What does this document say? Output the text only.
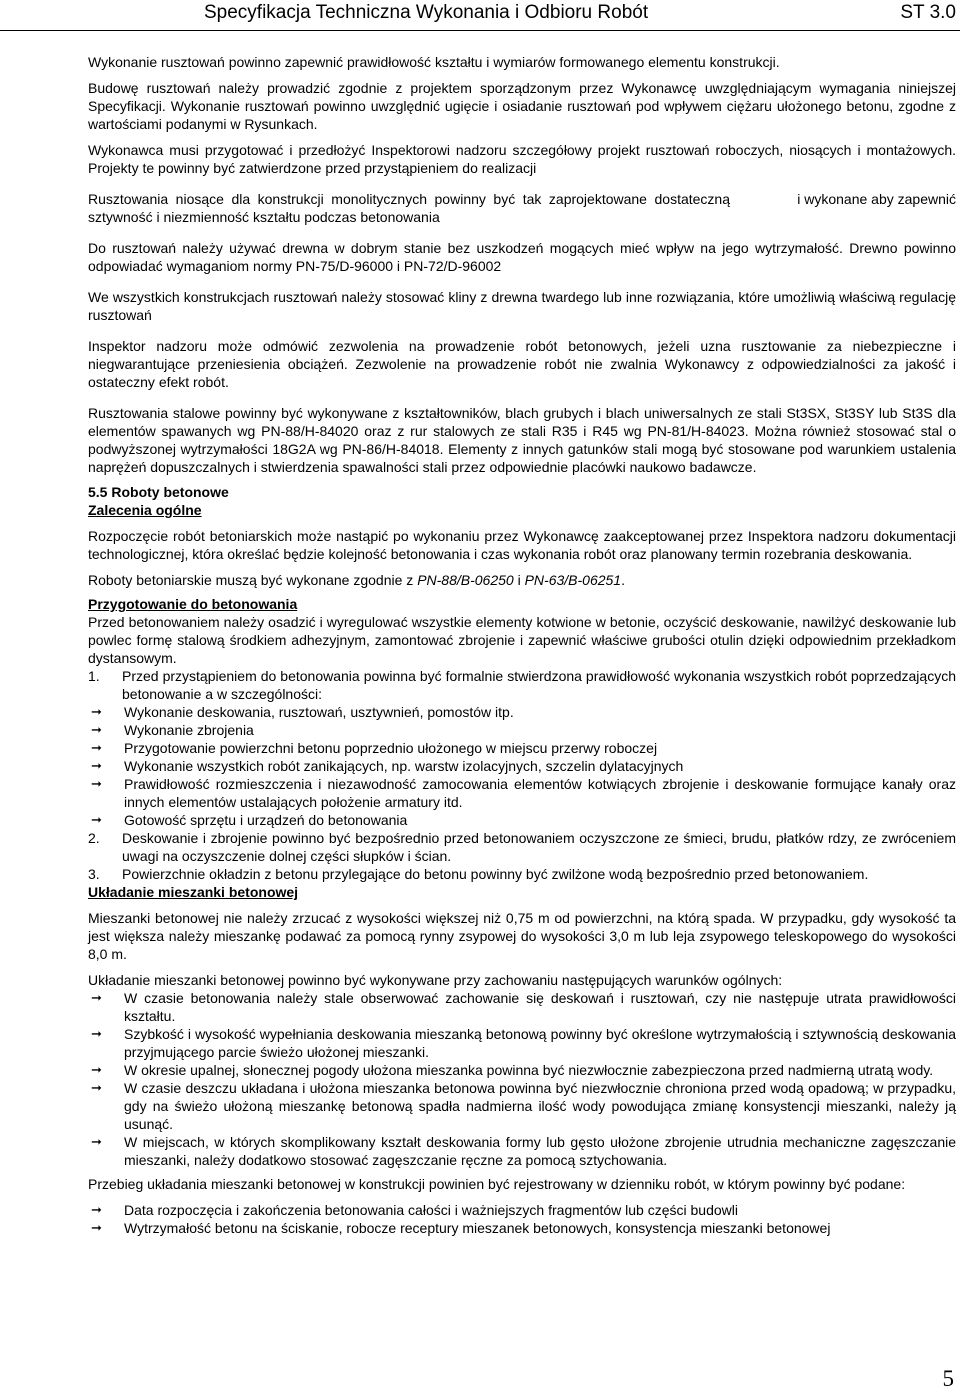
Specyfikacja Techniczna Wykonania i Odbioru Robót	ST 3.0

Wykonanie rusztowań powinno zapewnić prawidłowość kształtu i wymiarów formowanego elementu konstrukcji.

Budowę rusztowań należy prowadzić zgodnie z projektem sporządzonym przez Wykonawcę uwzględniającym wymagania niniejszej Specyfikacji. Wykonanie rusztowań powinno uwzględnić ugięcie i osiadanie rusztowań pod wpływem ciężaru ułożonego betonu, zgodne z wartościami podanymi w Rysunkach.

Wykonawca musi przygotować i przedłożyć Inspektorowi nadzoru szczegółowy projekt rusztowań roboczych, niosących i montażowych. Projekty te powinny być zatwierdzone przed przystąpieniem do realizacji

Rusztowania niosące dla konstrukcji monolitycznych powinny być tak zaprojektowane dostateczną sztywność i niezmienność kształtu podczas betonowania

i wykonane aby zapewnić

Do rusztowań należy używać drewna w dobrym stanie bez uszkodzeń mogących mieć wpływ na jego wytrzymałość. Drewno powinno odpowiadać wymaganiom normy PN-75/D-96000 i PN-72/D-96002

We wszystkich konstrukcjach rusztowań należy stosować kliny z drewna twardego lub inne rozwiązania, które umożliwią właściwą regulację rusztowań

Inspektor nadzoru może odmówić zezwolenia na prowadzenie robót betonowych, jeżeli uzna rusztowanie za niebezpieczne i niegwarantujące przeniesienia obciążeń. Zezwolenie na prowadzenie robót nie zwalnia Wykonawcy z odpowiedzialności za jakość i ostateczny efekt robót.

Rusztowania stalowe powinny być wykonywane z kształtowników, blach grubych i blach uniwersalnych ze stali St3SX, St3SY lub St3S dla elementów spawanych wg PN-88/H-84020 oraz z rur stalowych ze stali R35 i R45 wg PN-81/H-84023. Można również stosować stal o podwyższonej wytrzymałości 18G2A wg PN-86/H-84018. Elementy z innych gatunków stali mogą być stosowane pod warunkiem ustalenia naprężeń dopuszczalnych i stwierdzenia spawalności stali przez odpowiednie placówki naukowo badawcze.

5.5 Roboty betonowe

Zalecenia ogólne

Rozpoczęcie robót betoniarskich może nastąpić po wykonaniu przez Wykonawcę zaakceptowanej przez Inspektora nadzoru dokumentacji technologicznej, która określać będzie kolejność betonowania i czas wykonania robót oraz planowany termin rozebrania deskowania.

Roboty betoniarskie muszą być wykonane zgodnie z PN-88/B-06250 i PN-63/B-06251.

Przygotowanie do betonowania

Przed betonowaniem należy osadzić i wyregulować wszystkie elementy kotwione w betonie, oczyścić deskowanie, nawilżyć deskowanie lub powlec formę stalową środkiem adhezyjnym, zamontować zbrojenie i zapewnić właściwe grubości otulin dzięki odpowiednim przekładkom dystansowym.

1. Przed przystąpieniem do betonowania powinna być formalnie stwierdzona prawidłowość wykonania wszystkich robót poprzedzających betonowanie a w szczególności:
➞ Wykonanie deskowania, rusztowań, usztywnień, pomostów itp.
➞ Wykonanie zbrojenia
➞ Przygotowanie powierzchni betonu poprzednio ułożonego w miejscu przerwy roboczej
➞ Wykonanie wszystkich robót zanikających, np. warstw izolacyjnych, szczelin dylatacyjnych
➞ Prawidłowość rozmieszczenia i niezawodność zamocowania elementów kotwiących zbrojenie i deskowanie formujące kanały oraz innych elementów ustalających położenie armatury itd.
➞ Gotowość sprzętu i urządzeń do betonowania
2. Deskowanie i zbrojenie powinno być bezpośrednio przed betonowaniem oczyszczone ze śmieci, brudu, płatków rdzy, ze zwróceniem uwagi na oczyszczenie dolnej części słupków i ścian.
3. Powierzchnie okładzin z betonu przylegające do betonu powinny być zwilżone wodą bezpośrednio przed betonowaniem.

Układanie mieszanki betonowej

Mieszanki betonowej nie należy zrzucać z wysokości większej niż 0,75 m od powierzchni, na którą spada. W przypadku, gdy wysokość ta jest większa należy mieszankę podawać za pomocą rynny zsypowej do wysokości 3,0 m lub leja zsypowego teleskopowego do wysokości 8,0 m.

Układanie mieszanki betonowej powinno być wykonywane przy zachowaniu następujących warunków ogólnych:

➞ W czasie betonowania należy stale obserwować zachowanie się deskowań i rusztowań, czy nie następuje utrata prawidłowości kształtu.
➞ Szybkość i wysokość wypełniania deskowania mieszanką betonową powinny być określone wytrzymałością i sztywnością deskowania przyjmującego parcie świeżo ułożonej mieszanki.
➞ W okresie upalnej, słonecznej pogody ułożona mieszanka powinna być niezwłocznie zabezpieczona przed nadmierną utratą wody.
➞ W czasie deszczu układana i ułożona mieszanka betonowa powinna być niezwłocznie chroniona przed wodą opadową; w przypadku, gdy na świeżo ułożoną mieszankę betonową spadła nadmierna ilość wody powodująca zmianę konsystencji mieszanki, należy ją usunąć.
➞ W miejscach, w których skomplikowany kształt deskowania formy lub gęsto ułożone zbrojenie utrudnia mechaniczne zagęszczanie mieszanki, należy dodatkowo stosować zagęszczanie ręczne za pomocą sztychowania.

Przebieg układania mieszanki betonowej w konstrukcji powinien być rejestrowany w dzienniku robót, w którym powinny być podane:

➞ Data rozpoczęcia i zakończenia betonowania całości i ważniejszych fragmentów lub części budowli
➞ Wytrzymałość betonu na ściskanie, robocze receptury mieszanek betonowych, konsystencja mieszanki betonowej
5
